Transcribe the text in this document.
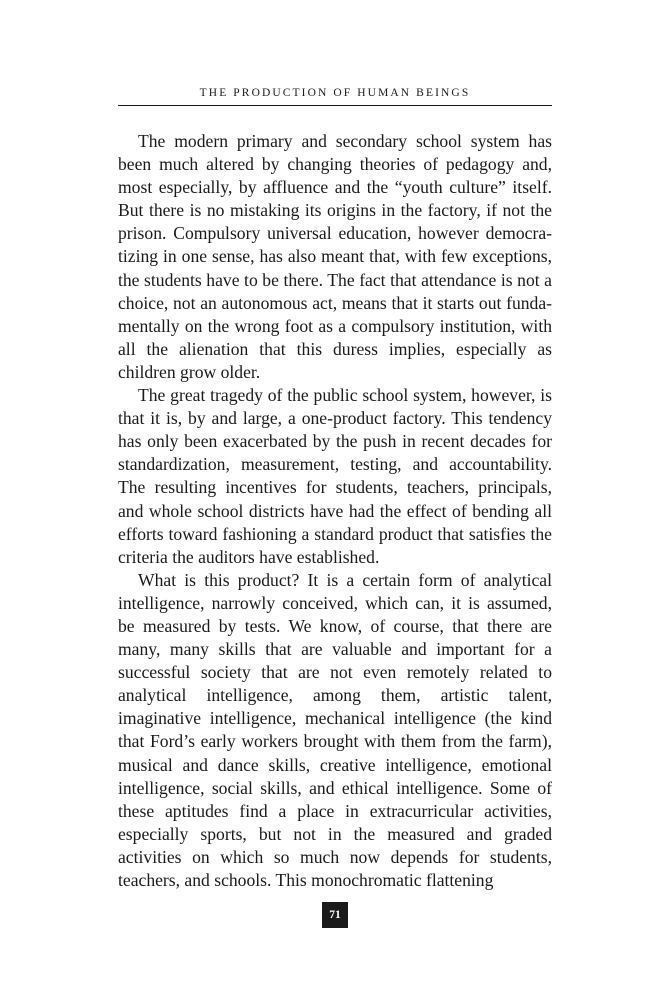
THE PRODUCTION OF HUMAN BEINGS

The modern primary and secondary school system has been much altered by changing theories of pedagogy and, most especially, by affluence and the “youth culture” itself. But there is no mistaking its origins in the factory, if not the prison. Compulsory universal education, however democratizing in one sense, has also meant that, with few exceptions, the students have to be there. The fact that attendance is not a choice, not an autonomous act, means that it starts out fundamentally on the wrong foot as a compulsory institution, with all the alienation that this duress implies, especially as children grow older.

The great tragedy of the public school system, however, is that it is, by and large, a one-product factory. This tendency has only been exacerbated by the push in recent decades for standardization, measurement, testing, and accountability. The resulting incentives for students, teachers, principals, and whole school districts have had the effect of bending all efforts toward fashioning a standard product that satisfies the criteria the auditors have established.

What is this product? It is a certain form of analytical intelligence, narrowly conceived, which can, it is assumed, be measured by tests. We know, of course, that there are many, many skills that are valuable and important for a successful society that are not even remotely related to analytical intelligence, among them, artistic talent, imaginative intelligence, mechanical intelligence (the kind that Ford’s early workers brought with them from the farm), musical and dance skills, creative intelligence, emotional intelligence, social skills, and ethical intelligence. Some of these aptitudes find a place in extracurricular activities, especially sports, but not in the measured and graded activities on which so much now depends for students, teachers, and schools. This monochromatic flattening

71
